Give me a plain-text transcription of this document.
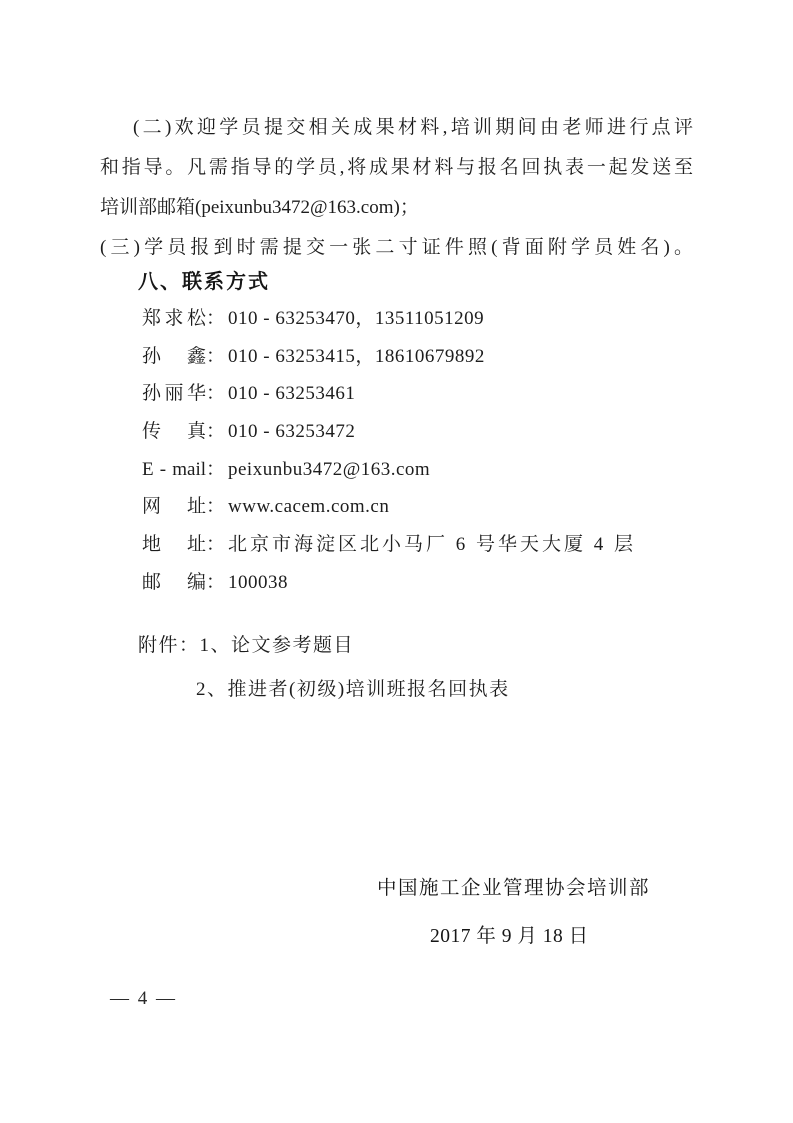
(二)欢迎学员提交相关成果材料,培训期间由老师进行点评
和指导。凡需指导的学员,将成果材料与报名回执表一起发送至
培训部邮箱(peixunbu3472@163.com)；
(三)学员报到时需提交一张二寸证件照(背面附学员姓名)。
八、联系方式
郑求松： 010 - 63253470，13511051209
孙鑫： 010 - 63253415，18610679892
孙丽华： 010 - 63253461
传真： 010 - 63253472
E - mail： peixunbu3472@163.com
网址： www.cacem.com.cn
地址： 北京市海淀区北小马厂 6 号华天大厦 4 层
邮编： 100038
附件：1、论文参考题目
2、推进者(初级)培训班报名回执表
中国施工企业管理协会培训部
2017 年 9 月 18 日
— 4 —
